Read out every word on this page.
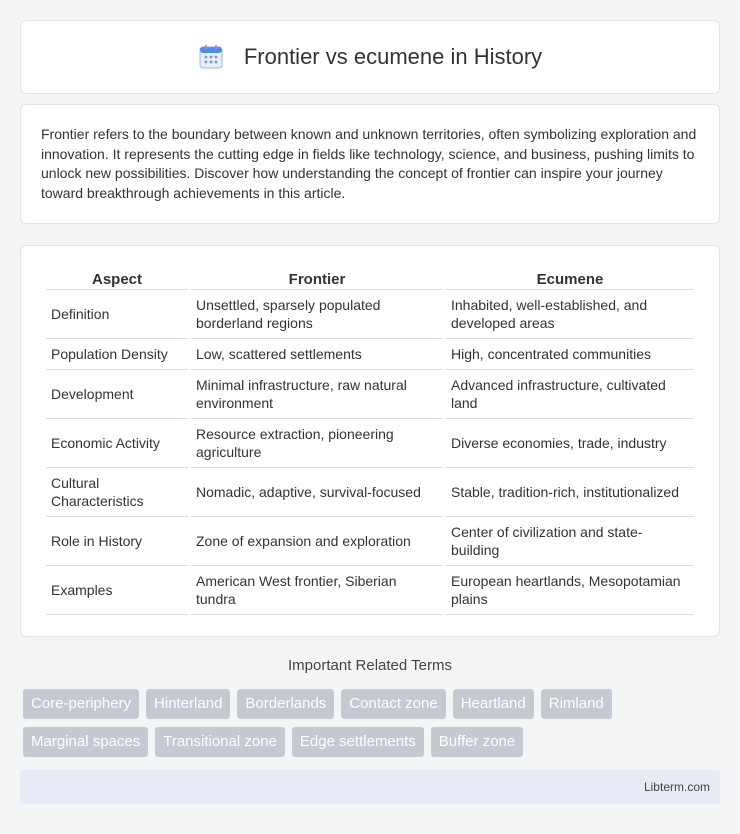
Frontier vs ecumene in History

Frontier refers to the boundary between known and unknown territories, often symbolizing exploration and innovation. It represents the cutting edge in fields like technology, science, and business, pushing limits to unlock new possibilities. Discover how understanding the concept of frontier can inspire your journey toward breakthrough achievements in this article.

Aspect	Frontier	Ecumene
Definition	Unsettled, sparsely populated borderland regions	Inhabited, well-established, and developed areas
Population Density	Low, scattered settlements	High, concentrated communities
Development	Minimal infrastructure, raw natural environment	Advanced infrastructure, cultivated land
Economic Activity	Resource extraction, pioneering agriculture	Diverse economies, trade, industry
Cultural Characteristics	Nomadic, adaptive, survival-focused	Stable, tradition-rich, institutionalized
Role in History	Zone of expansion and exploration	Center of civilization and state-building
Examples	American West frontier, Siberian tundra	European heartlands, Mesopotamian plains
Important Related Terms
Core-periphery	Hinterland	Borderlands	Contact zone	Heartland	Rimland
Marginal spaces	Transitional zone	Edge settlements	Buffer zone
Libterm.com
